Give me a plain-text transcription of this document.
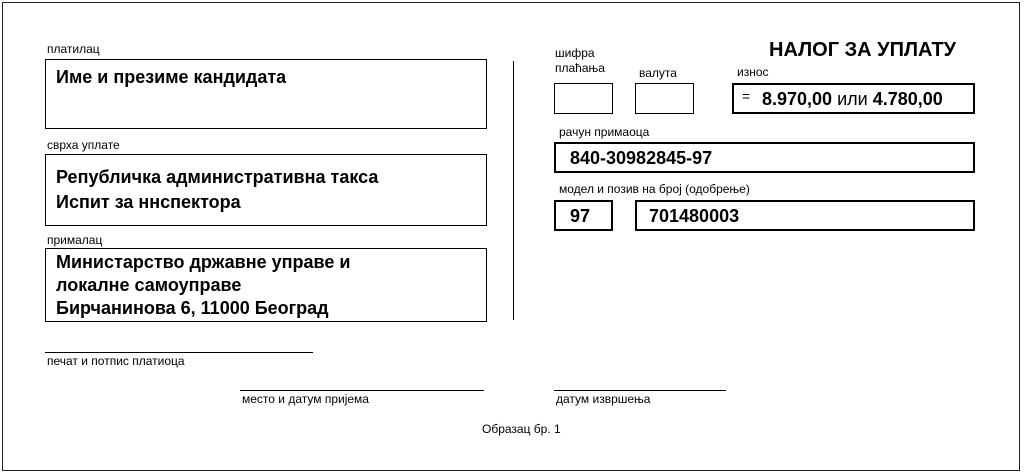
платилац
Име и презиме кандидата
сврха уплате
Републичка административна такса
Испит за ннспектора
прималац
Министарство државне управе и
локалне самоуправе
Бирчанинова 6, 11000 Београд
НАЛОГ ЗА УПЛАТУ
шифра
плаћања	валута	износ
= 8.970,00 или 4.780,00
рачун примаоца
840-30982845-97
модел и позив на број (одобрење)
97	701480003
печат и потпис платиоца
место и датум пријема	датум извршења
Образац бр. 1
